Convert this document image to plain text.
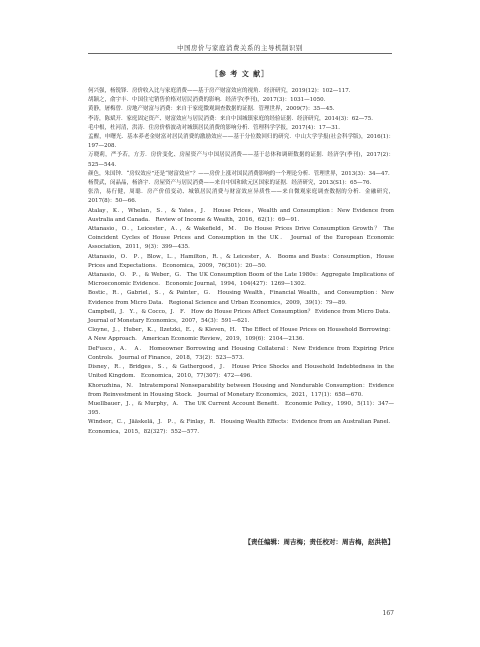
中国房价与家庭消费关系的主导机制识别
［参 考 文 献］
何兴强，杨锐锋．房价收入比与家庭消费——基于房产财富效应的视角．经济研究，2019(12)：102—117．
胡颖之，俞宇丰．中国住宅销售价格对居民消费的影响．经济学(季刊)，2017(3)：1031—1050．
黄静，屠梅曾．房地产财富与消费：来自于家庭微观调查数据的证据．管理世界，2009(7)：35—45．
李涛，陈斌开．家庭固定资产、财富效应与居民消费：来自中国城镇家庭的经验证据．经济研究，2014(3)：62—75．
毛中根，杜河清，洪涛．住房价格波动对城镇居民消费的影响分析．管理科学学报，2017(4)：17—31．
孟醒，申曙光．基本养老金财富对居民消费的激励效应——基于分位数回归的研究．中山大学学报(社会科学版)，2016(1)：197—208．
万晓莉，严予若，方芳．房价变化、房屋资产与中国居民消费——基于总体和调研数据的证据．经济学(季刊)，2017(2)：525—544．
颜色，朱国钟．“房奴效应”还是“财富效应”？——房价上涨对国民消费影响的一个理论分析．管理世界，2013(3)：34—47．
杨赞武，闵晶晶，杨洛宇．房屋资产与居民消费——来自中国和欧元区国家的证据．经济研究，2013(S1)：65—76．
张浩，易行健，周聪．房产价值变动、城镇居民消费与财富效应异质性——来自微观家庭调查数据的分析．金融研究，2017(8)：50—66．
Atalay，K．，Whelan，S．，& Yates，J． House Prices，Wealth and Consumption：New Evidence from Australia and Canada． Review of Income & Wealth，2016，62(1)：69—91．
Attanasio，O．，Leicester，A．，& Wakefield，M． Do House Prices Drive Consumption Growth？ The Coincident Cycles of House Prices and Consumption in the UK． Journal of the European Economic Association，2011，9(3)：399—435．
Attanasio，O． P．，Blow，L．，Hamilton，R．，& Leicester，A． Booms and Busts：Consumption，House Prices and Expectations． Economica，2009，76(301)：20—50．
Attanasio，O． P．，& Weber，G． The UK Consumption Boom of the Late 1980s：Aggregate Implications of Microeconomic Evidence． Economic Journal，1994，104(427)：1269—1302．
Bostic，R．，Gabriel，S．，& Painter，G． Housing Wealth，Financial Wealth，and Consumption：New Evidence from Micro Data． Regional Science and Urban Economics，2009，39(1)：79—89．
Campbell，J． Y．，& Cocco，J． F． How do House Prices Affect Consumption？ Evidence from Micro Data． Journal of Monetary Economics，2007，54(3)：591—621．
Cloyne，J．，Huber，K．，Ilzetzki，E．，& Kleven，H． The Effect of House Prices on Household Borrowing：A New Approach． American Economic Review，2019，109(6)：2104—2136．
DeFusco，A． A． Homeowner Borrowing and Housing Collateral：New Evidence from Expiring Price Controls． Journal of Finance，2018，73(2)：523—573．
Disney，R．，Bridges，S．，& Gathergood，J． House Price Shocks and Household Indebtedness in the United Kingdom． Economica，2010，77(307)：472—496．
Khoruzhina，N． Intratemporal Nonseparability between Housing and Nondurable Consumption：Evidence from Reinvestment in Housing Stock． Journal of Monetary Economics，2021，117(1)：658—670．
Muellbauer，J．，& Murphy，A． The UK Current Account Benefit． Economic Policy，1990，5(11)：347—395．
Windsor，C．，Jääskelä，J． P．，& Finlay，R． Housing Wealth Effects：Evidence from an Australian Panel． Economica，2015，82(327)：552—577．
【责任编辑：周吉梅；责任校对：周吉梅，赵洪艳】
167
